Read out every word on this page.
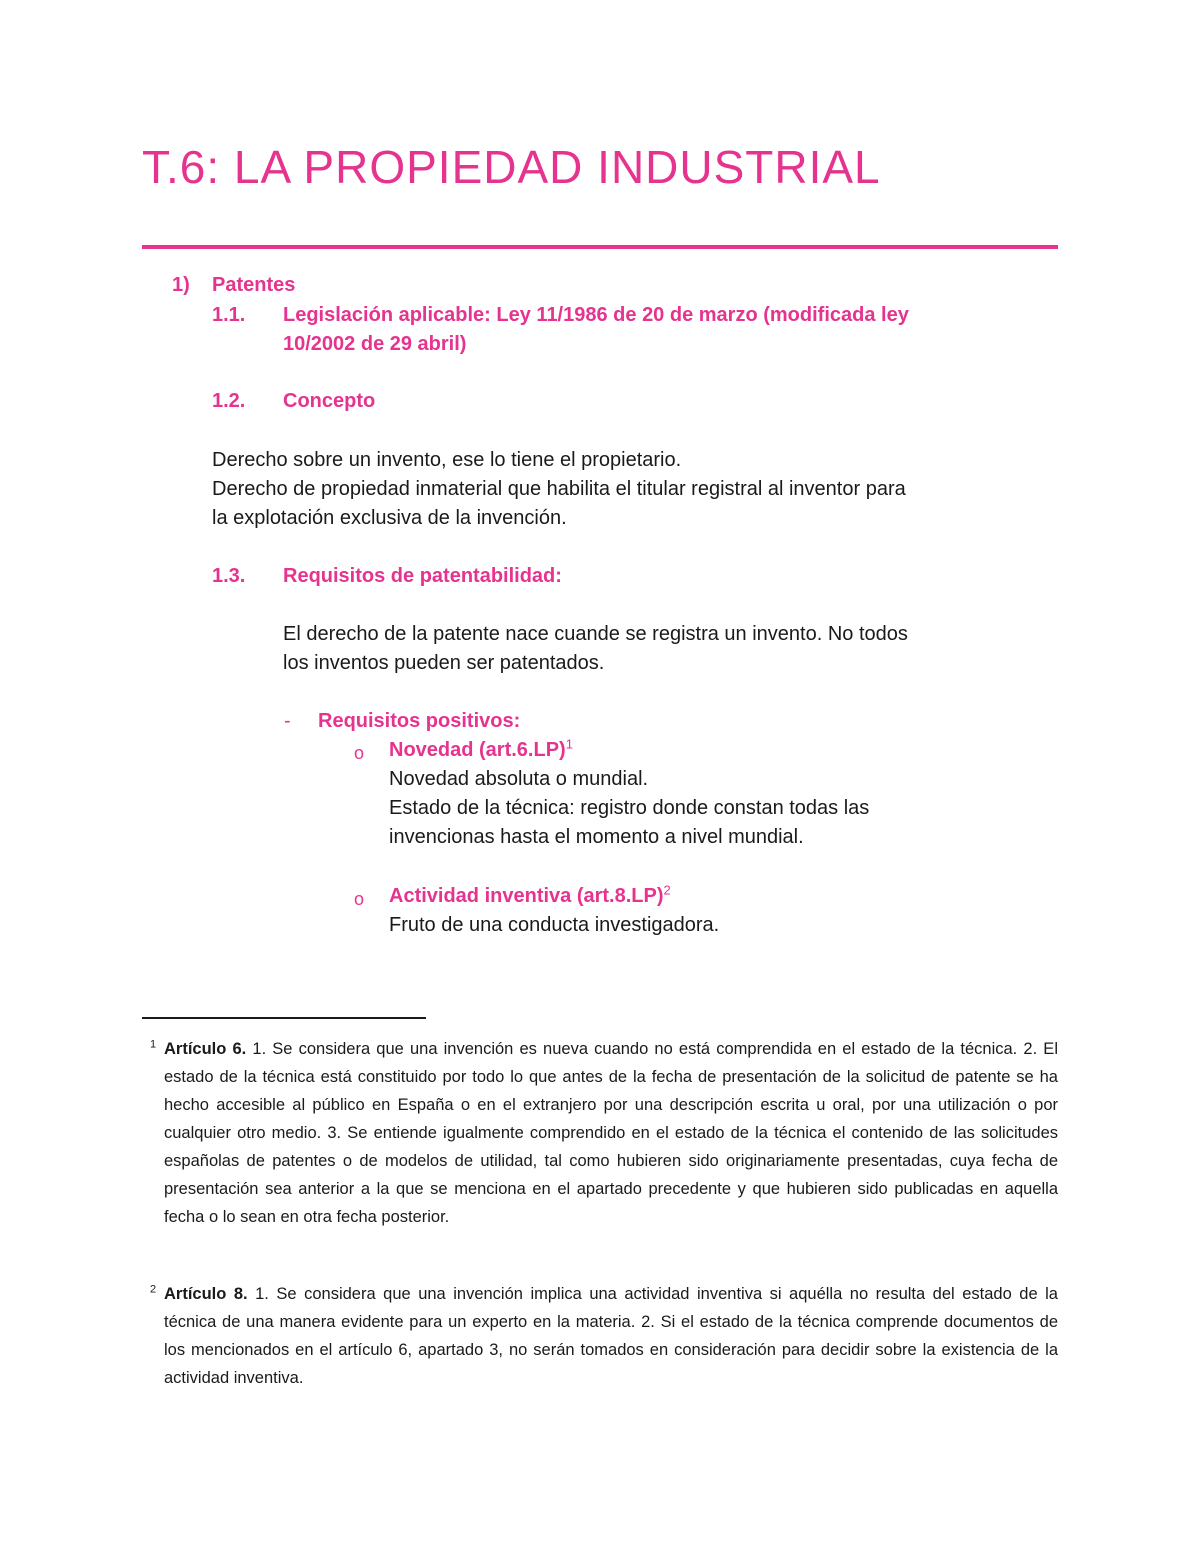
T.6: LA PROPIEDAD INDUSTRIAL
1) Patentes
1.1. Legislación aplicable: Ley 11/1986 de 20 de marzo (modificada ley
10/2002 de 29 abril)
1.2. Concepto
Derecho sobre un invento, ese lo tiene el propietario.
Derecho de propiedad inmaterial que habilita el titular registral al inventor para
la explotación exclusiva de la invención.
1.3. Requisitos de patentabilidad:
El derecho de la patente nace cuande se registra un invento. No todos
los inventos pueden ser patentados.
- Requisitos positivos:
o Novedad $(art.6.LP)^1$
Novedad absoluta o mundial.
Estado de la técnica: registro donde constan todas las
invencionas hasta el momento a nivel mundial.
o Actividad inventiva $(art.8.LP)^2$
Fruto de una conducta investigadora.

$^1$ Artículo 6. 1. Se considera que una invención es nueva cuando no está comprendida en el estado de la técnica. 2. El estado de la técnica está constituido por todo lo que antes de la fecha de presentación de la solicitud de patente se ha hecho accesible al público en España o en el extranjero por una descripción escrita u oral, por una utilización o por cualquier otro medio. 3. Se entiende igualmente comprendido en el estado de la técnica el contenido de las solicitudes españolas de patentes o de modelos de utilidad, tal como hubieren sido originariamente presentadas, cuya fecha de presentación sea anterior a la que se menciona en el apartado precedente y que hubieren sido publicadas en aquella fecha o lo sean en otra fecha posterior.

$^2$ Artículo 8. 1. Se considera que una invención implica una actividad inventiva si aquélla no resulta del estado de la técnica de una manera evidente para un experto en la materia. 2. Si el estado de la técnica comprende documentos de los mencionados en el artículo 6, apartado 3, no serán tomados en consideración para decidir sobre la existencia de la actividad inventiva.
